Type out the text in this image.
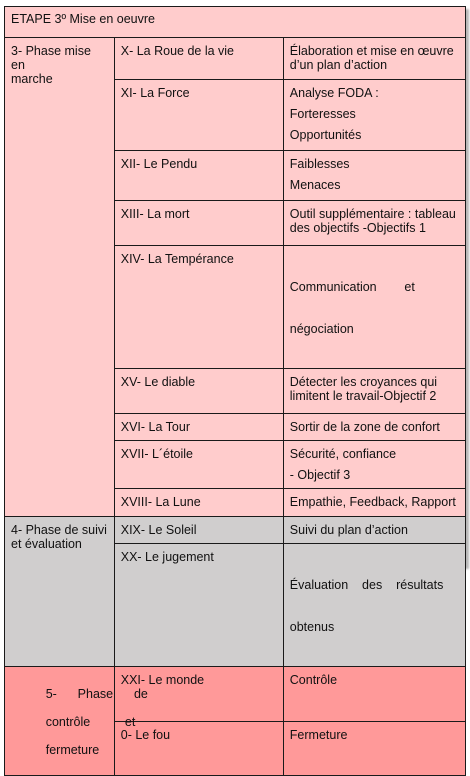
ETAPE 3º Mise en oeuvre		
3- Phase mise en
marche	X- La Roue de la vie	Élaboration et mise en œuvre
d’un plan d’action

	XI- La Force	Analyse FODA :
Forteresses
Opportunités

	XII- Le Pendu	Faiblesses
Menaces

	XIII- La mort	Outil supplémentaire : tableau
des objectifs -Objectifs 1

	XIV- La Tempérance	Communication        et

négociation

	XV- Le diable	Détecter les croyances qui
limitent le travail-Objectif 2

	XVI- La Tour	Sortir de la zone de confort

	XVII- L´étoile	Sécurité, confiance
- Objectif 3

	XVIII- La Lune	Empathie, Feedback, Rapport

4- Phase de suivi
et évaluation	XIX- Le Soleil	Suivi du plan d’action

	XX- Le jugement	Évaluation    des    résultats

obtenus

5-      Phase      de

contrôle          et

fermeture	XXI- Le monde	Contrôle

	0- Le fou	Fermeture
